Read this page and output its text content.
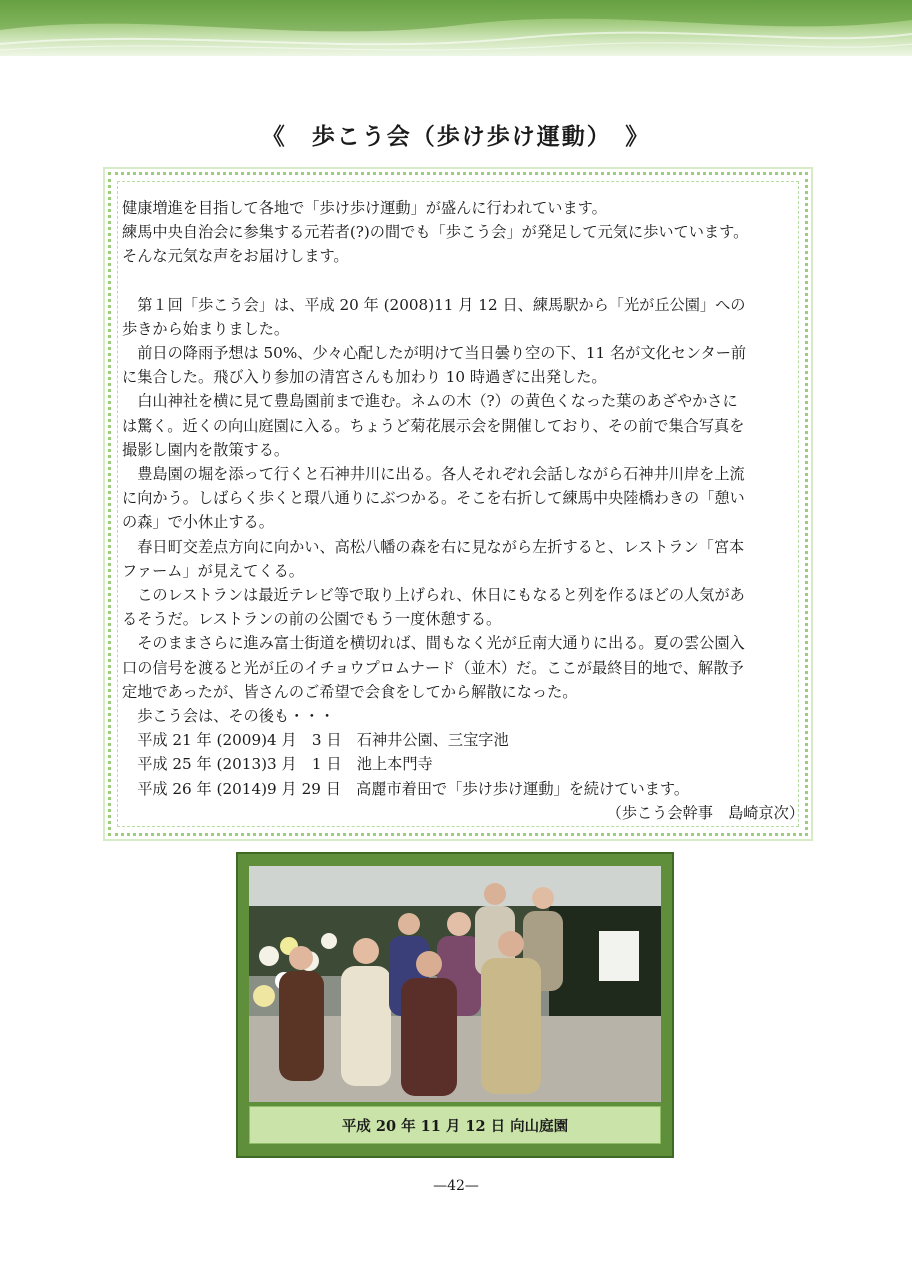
《　歩こう会（歩け歩け運動）　》

健康増進を目指して各地で「歩け歩け運動」が盛んに行われています。

練馬中央自治会に参集する元若者(?)の間でも「歩こう会」が発足して元気に歩いています。

そんな元気な声をお届けします。

　第１回「歩こう会」は、平成 20 年 (2008)11 月 12 日、練馬駅から「光が丘公園」への

歩きから始まりました。

　前日の降雨予想は 50%、少々心配したが明けて当日曇り空の下、11 名が文化センター前

に集合した。飛び入り参加の清宮さんも加わり 10 時過ぎに出発した。

　白山神社を横に見て豊島園前まで進む。ネムの木（?）の黄色くなった葉のあざやかさに

は驚く。近くの向山庭園に入る。ちょうど菊花展示会を開催しており、その前で集合写真を

撮影し園内を散策する。

　豊島園の堀を添って行くと石神井川に出る。各人それぞれ会話しながら石神井川岸を上流

に向かう。しばらく歩くと環八通りにぶつかる。そこを右折して練馬中央陸橋わきの「憩い

の森」で小休止する。

　春日町交差点方向に向かい、高松八幡の森を右に見ながら左折すると、レストラン「宮本

ファーム」が見えてくる。

　このレストランは最近テレビ等で取り上げられ、休日にもなると列を作るほどの人気があ

るそうだ。レストランの前の公園でもう一度休憩する。

　そのままさらに進み富士街道を横切れば、間もなく光が丘南大通りに出る。夏の雲公園入

口の信号を渡ると光が丘のイチョウプロムナード（並木）だ。ここが最終目的地で、解散予

定地であったが、皆さんのご希望で会食をしてから解散になった。

　歩こう会は、その後も・・・

　平成 21 年 (2009)4 月　3 日　石神井公園、三宝字池

　平成 25 年 (2013)3 月　1 日　池上本門寺

　平成 26 年 (2014)9 月 29 日　高麗市着田で「歩け歩け運動」を続けています。

（歩こう会幹事　島崎京次）

平成 20 年 11 月 12 日 向山庭園
—42—
